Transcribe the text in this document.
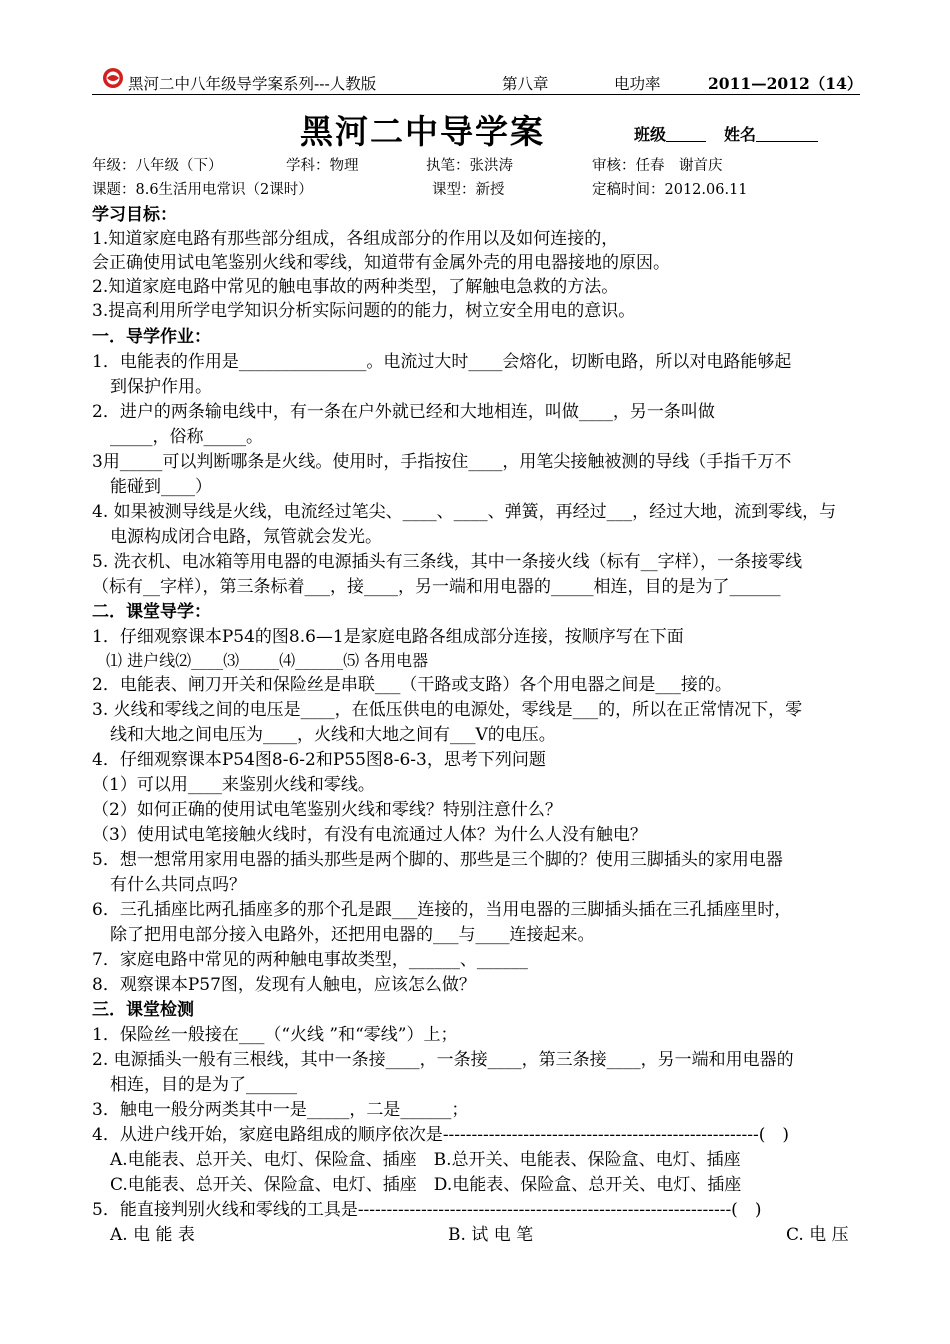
黑河二中八年级导学案系列---人教版	第八章	电功率	2011—2012（14）
黑河二中导学案	班级	姓名
年级：八年级（下）	学科：物理	执笔：张洪涛	审核：任春　谢首庆
课题：8.6生活用电常识（2课时）	课型：新授	定稿时间：2012.06.11
学习目标：
1.知道家庭电路有那些部分组成，各组成部分的作用以及如何连接的，
会正确使用试电笔鉴别火线和零线，知道带有金属外壳的用电器接地的原因。
2.知道家庭电路中常见的触电事故的两种类型，了解触电急救的方法。
3.提高利用所学电学知识分析实际问题的的能力，树立安全用电的意识。
一．导学作业：
1．电能表的作用是_______________。电流过大时____会熔化，切断电路，所以对电路能够起
到保护作用。
2．进户的两条输电线中，有一条在户外就已经和大地相连，叫做____，另一条叫做
_____，俗称_____。
3用_____可以判断哪条是火线。使用时，手指按住____，用笔尖接触被测的导线（手指千万不
能碰到____）
4. 如果被测导线是火线，电流经过笔尖、____、____、弹簧，再经过___，经过大地，流到零线，与
电源构成闭合电路，氖管就会发光。
5. 洗衣机、电冰箱等用电器的电源插头有三条线，其中一条接火线（标有__字样），一条接零线
（标有__字样），第三条标着___，接____，另一端和用电器的_____相连，目的是为了______
二．课堂导学：
1．仔细观察课本P54的图8.6—1是家庭电路各组成部分连接，按顺序写在下面
⑴ 进户线⑵____⑶_____⑷______⑸ 各用电器
2．电能表、闸刀开关和保险丝是串联___（干路或支路）各个用电器之间是___接的。
3. 火线和零线之间的电压是____，在低压供电的电源处，零线是___的，所以在正常情况下，零
线和大地之间电压为____，火线和大地之间有___V的电压。
4．仔细观察课本P54图8-6-2和P55图8-6-3，思考下列问题
（1）可以用____来鉴别火线和零线。
（2）如何正确的使用试电笔鉴别火线和零线？特别注意什么？
（3）使用试电笔接触火线时，有没有电流通过人体？为什么人没有触电？
5．想一想常用家用电器的插头那些是两个脚的、那些是三个脚的？使用三脚插头的家用电器
有什么共同点吗？
6．三孔插座比两孔插座多的那个孔是跟___连接的，当用电器的三脚插头插在三孔插座里时，
除了把用电部分接入电路外，还把用电器的___与____连接起来。
7．家庭电路中常见的两种触电事故类型，______、______
8．观察课本P57图，发现有人触电，应该怎么做？
三．课堂检测
1．保险丝一般接在___（“火线 ”和“零线”）上；
2. 电源插头一般有三根线，其中一条接____，一条接____，第三条接____，另一端和用电器的
相连，目的是为了______
3．触电一般分两类其中一是_____，二是______；
4．从进户线开始，家庭电路组成的顺序依次是-------------------------------------------------------(　)
A.电能表、总开关、电灯、保险盒、插座　B.总开关、电能表、保险盒、电灯、插座
C.电能表、总开关、保险盒、电灯、插座　D.电能表、保险盒、总开关、电灯、插座
5．能直接判别火线和零线的工具是-----------------------------------------------------------------(　)
A. 电 能 表	B. 试 电 笔	C. 电 压
